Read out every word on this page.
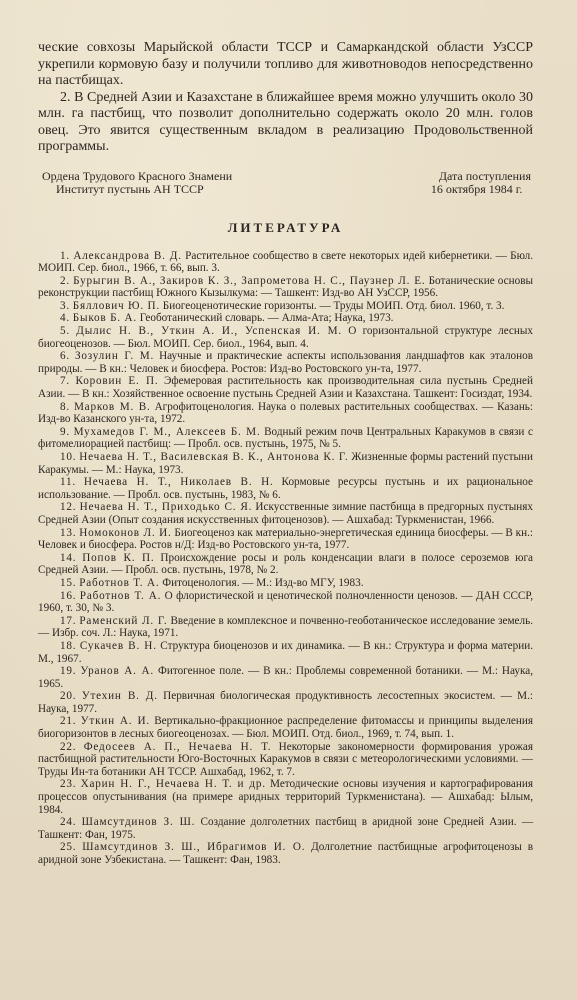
ческие совхозы Марыйской области ТССР и Самаркандской области УзССР укрепили кормовую базу и получили топливо для животноводов непосредственно на пастбищах.

2. В Средней Азии и Казахстане в ближайшее время можно улучшить около 30 млн. га пастбищ, что позволит дополнительно содержать около 20 млн. голов овец. Это явится существенным вкладом в реализацию Продовольственной программы.

Ордена Трудового Красного Знамени
Институт пустынь АН ТССР
Дата поступления
16 октября 1984 г.
ЛИТЕРАТУРА

1. Александрова В. Д. Растительное сообщество в свете некоторых идей кибернетики. — Бюл. МОИП. Сер. биол., 1966, т. 66, вып. 3.

2. Бурыгин В. А., Закиров К. З., Запрометова Н. С., Паузнер Л. Е. Ботанические основы реконструкции пастбищ Южного Кызылкума: — Ташкент: Изд-во АН УзССР, 1956.

3. Бяллович Ю. П. Биогеоценотические горизонты. — Труды МОИП. Отд. биол. 1960, т. 3.

4. Быков Б. А. Геоботанический словарь. — Алма-Ата; Наука, 1973.

5. Дылис Н. В., Уткин А. И., Успенская И. М. О горизонтальной структуре лесных биогеоценозов. — Бюл. МОИП. Сер. биол., 1964, вып. 4.

6. Зозулин Г. М. Научные и практические аспекты использования ландшафтов как эталонов природы. — В кн.: Человек и биосфера. Ростов: Изд-во Ростовского ун-та, 1977.

7. Коровин Е. П. Эфемеровая растительность как производительная сила пустынь Средней Азии. — В кн.: Хозяйственное освоение пустынь Средней Азии и Казахстана. Ташкент: Госиздат, 1934.

8. Марков М. В. Агрофитоценология. Наука о полевых растительных сообществах. — Казань: Изд-во Казанского ун-та, 1972.

9. Мухамедов Г. М., Алексеев Б. М. Водный режим почв Центральных Каракумов в связи с фитомелиорацией пастбищ: — Пробл. осв. пустынь, 1975, № 5.

10. Нечаева Н. Т., Василевская В. К., Антонова К. Г. Жизненные формы растений пустыни Каракумы. — М.: Наука, 1973.

11. Нечаева Н. Т., Николаев В. Н. Кормовые ресурсы пустынь и их рациональное использование. — Пробл. осв. пустынь, 1983, № 6.

12. Нечаева Н. Т., Приходько С. Я. Искусственные зимние пастбища в предгорных пустынях Средней Азии (Опыт создания искусственных фитоценозов). — Ашхабад: Туркменистан, 1966.

13. Номоконов Л. И. Биогеоценоз как материально-энергетическая единица биосферы. — В кн.: Человек и биосфера. Ростов н/Д: Изд-во Ростовского ун-та, 1977.

14. Попов К. П. Происхождение росы и роль конденсации влаги в полосе сероземов юга Средней Азии. — Пробл. осв. пустынь, 1978, № 2.

15. Работнов Т. А. Фитоценология. — М.: Изд-во МГУ, 1983.

16. Работнов Т. А. О флористической и ценотической полночленности ценозов. — ДАН СССР, 1960, т. 30, № 3.

17. Раменский Л. Г. Введение в комплексное и почвенно-геоботаническое исследование земель. — Избр. соч. Л.: Наука, 1971.

18. Сукачев В. Н. Структура биоценозов и их динамика. — В кн.: Структура и форма материи. М., 1967.

19. Уранов А. А. Фитогенное поле. — В кн.: Проблемы современной ботаники. — М.: Наука, 1965.

20. Утехин В. Д. Первичная биологическая продуктивность лесостепных экосистем. — М.: Наука, 1977.

21. Уткин А. И. Вертикально-фракционное распределение фитомассы и принципы выделения биогоризонтов в лесных биогеоценозах. — Бюл. МОИП. Отд. биол., 1969, т. 74, вып. 1.

22. Федосеев А. П., Нечаева Н. Т. Некоторые закономерности формирования урожая пастбищной растительности Юго-Восточных Каракумов в связи с метеорологическими условиями. — Труды Ин-та ботаники АН ТССР. Ашхабад, 1962, т. 7.

23. Харин Н. Г., Нечаева Н. Т. и др. Методические основы изучения и картографирования процессов опустынивания (на примере аридных территорий Туркменистана). — Ашхабад: Ылым, 1984.

24. Шамсутдинов З. Ш. Создание долголетних пастбищ в аридной зоне Средней Азии. — Ташкент: Фан, 1975.

25. Шамсутдинов З. Ш., Ибрагимов И. О. Долголетние пастбищные агрофитоценозы в аридной зоне Узбекистана. — Ташкент: Фан, 1983.
